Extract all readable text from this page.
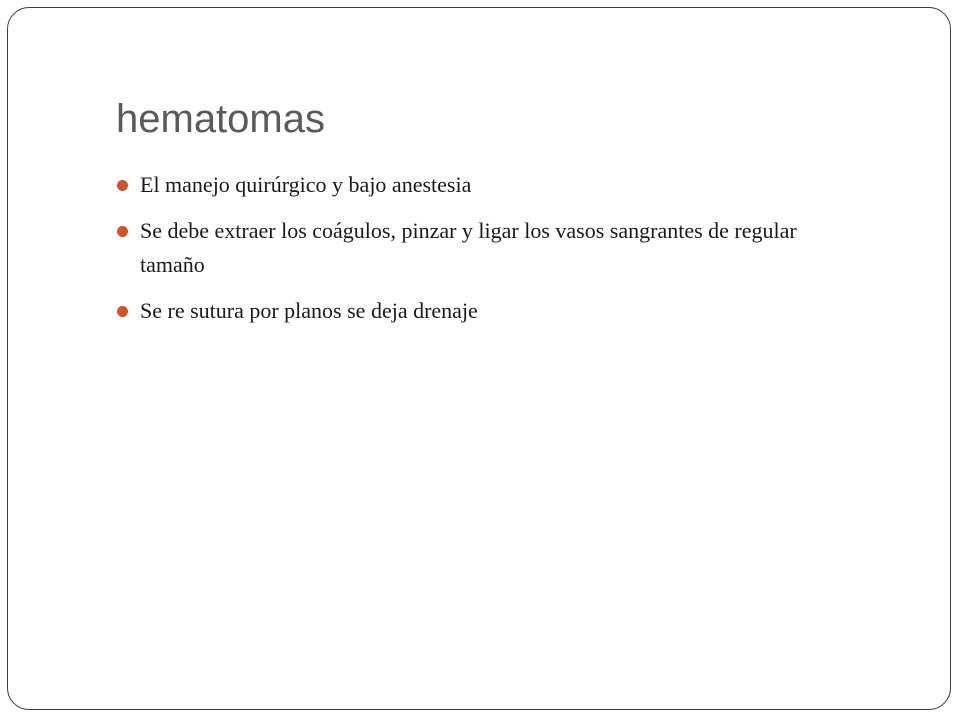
hematomas
El manejo quirúrgico y bajo anestesia
Se debe extraer los coágulos, pinzar y ligar los vasos sangrantes de regular tamaño
Se re sutura por planos se deja drenaje
